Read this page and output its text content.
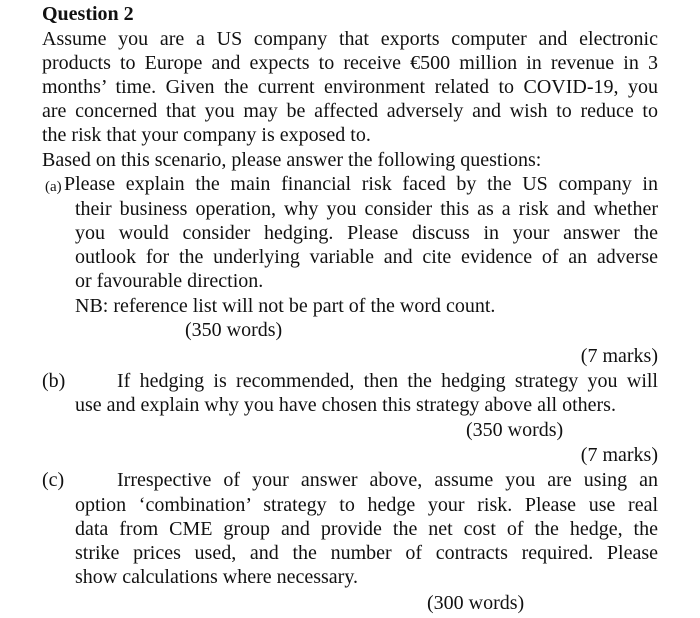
Question 2
Assume you are a US company that exports computer and electronic
products to Europe and expects to receive €500 million in revenue in 3
months’ time. Given the current environment related to COVID-19, you
are concerned that you may be affected adversely and wish to reduce to
the risk that your company is exposed to.
Based on this scenario, please answer the following questions:
(a) Please explain the main financial risk faced by the US company in
their business operation, why you consider this as a risk and whether
you would consider hedging. Please discuss in your answer the
outlook for the underlying variable and cite evidence of an adverse
or favourable direction.
NB: reference list will not be part of the word count.
(350 words)
(7 marks)
(b)	If hedging is recommended, then the hedging strategy you will
use and explain why you have chosen this strategy above all others.
(350 words)
(7 marks)
(c)	Irrespective of your answer above, assume you are using an
option ‘combination’ strategy to hedge your risk. Please use real
data from CME group and provide the net cost of the hedge, the
strike prices used, and the number of contracts required. Please
show calculations where necessary.
(300 words)
